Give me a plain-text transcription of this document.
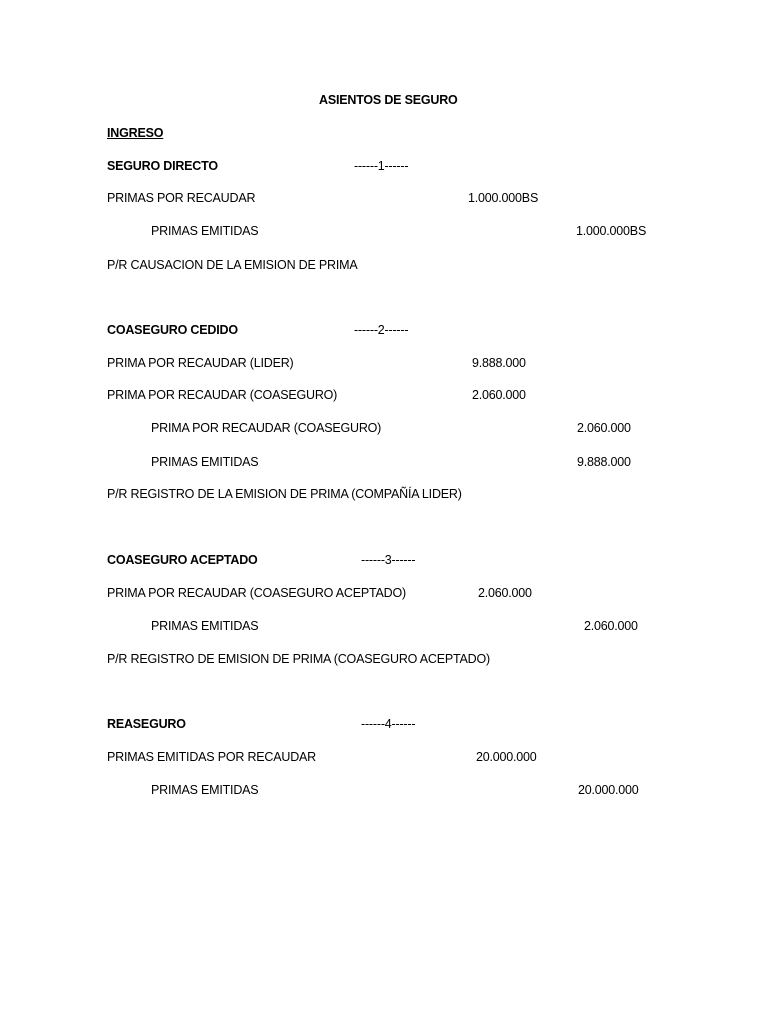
ASIENTOS DE SEGURO
INGRESO
SEGURO DIRECTO	------1------
PRIMAS POR RECAUDAR	1.000.000BS
PRIMAS EMITIDAS	1.000.000BS
P/R CAUSACION DE LA EMISION DE PRIMA
COASEGURO CEDIDO	------2------
PRIMA POR RECAUDAR (LIDER)	9.888.000
PRIMA POR RECAUDAR (COASEGURO)	2.060.000
PRIMA POR RECAUDAR (COASEGURO)	2.060.000
PRIMAS EMITIDAS	9.888.000
P/R REGISTRO DE LA EMISION DE PRIMA (COMPAÑÍA LIDER)
COASEGURO ACEPTADO	------3------
PRIMA POR RECAUDAR (COASEGURO ACEPTADO)	2.060.000
PRIMAS EMITIDAS	2.060.000
P/R REGISTRO DE EMISION DE PRIMA (COASEGURO ACEPTADO)
REASEGURO	------4------
PRIMAS EMITIDAS POR RECAUDAR	20.000.000
PRIMAS EMITIDAS	20.000.000
